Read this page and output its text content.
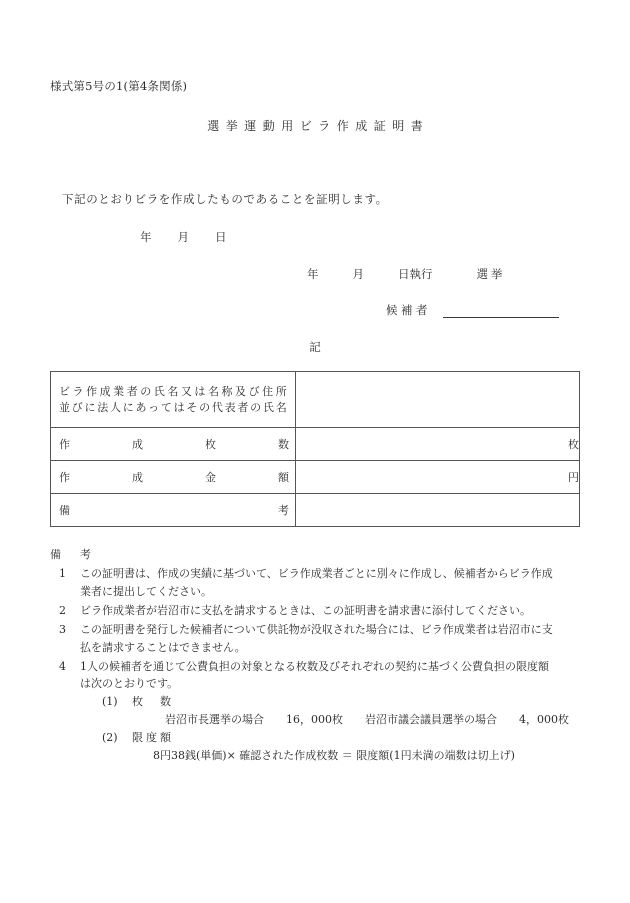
様式第5号の1(第4条関係)
選挙運動用ビラ作成証明書
下記のとおりビラを作成したものであることを証明します。
年 月 日
年	月	日執行	選挙
候補者
記
ビラ作成業者の氏名又は名称及び住所
並びに法人にあってはその代表者の氏名	

作 成 枚 数	枚

作 成 金 額	円

備 考	

備　考
1	この証明書は、作成の実績に基づいて、ビラ作成業者ごとに別々に作成し、候補者からビラ作成

業者に提出してください。

2	ビラ作成業者が岩沼市に支払を請求するときは、この証明書を請求書に添付してください。

3	この証明書を発行した候補者について供託物が没収された場合には、ビラ作成業者は岩沼市に支

払を請求することはできません。

4	1人の候補者を通じて公費負担の対象となる枚数及びそれぞれの契約に基づく公費負担の限度額

は次のとおりです。

(1)	枚　数
岩沼市長選挙の場合 16，000枚 岩沼市議会議員選挙の場合 4，000枚
(2)	限度額
8円38銭(単価)× 確認された作成枚数 ＝ 限度額(1円未満の端数は切上げ)
